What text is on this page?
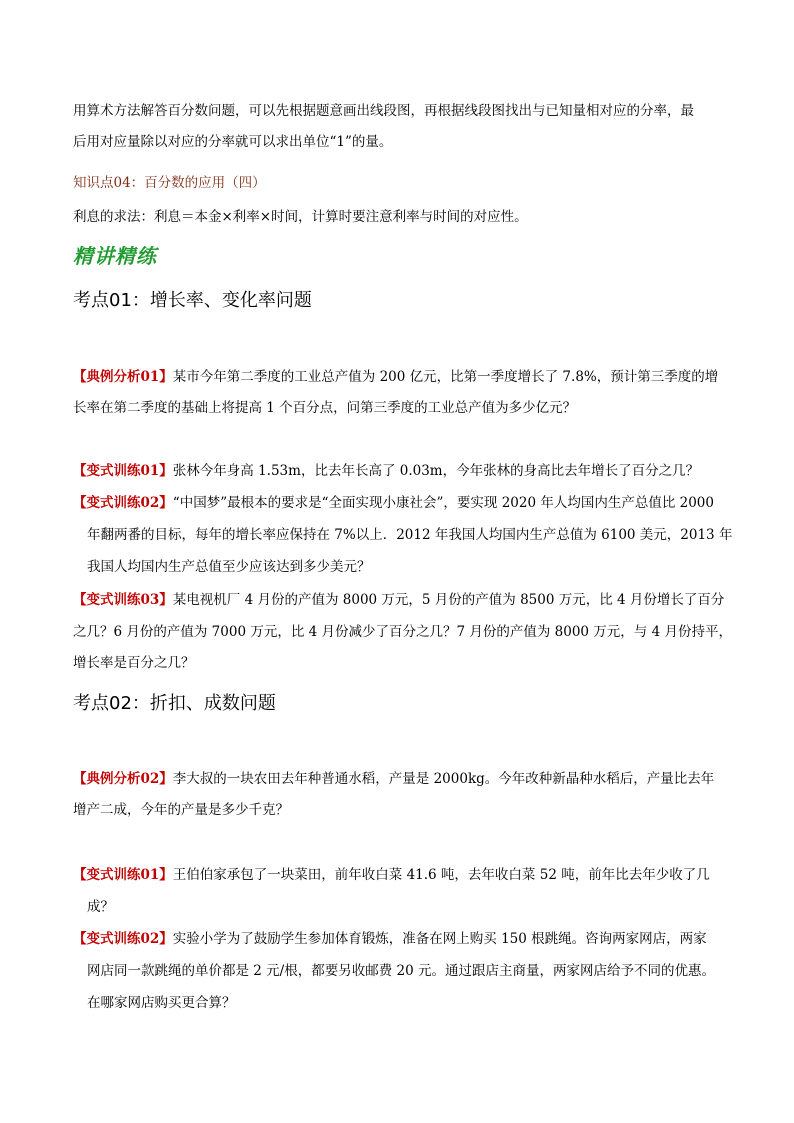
用算术方法解答百分数问题，可以先根据题意画出线段图，再根据线段图找出与已知量相对应的分率，最
后用对应量除以对应的分率就可以求出单位“1”的量。
知识点04：百分数的应用（四）
利息的求法：利息＝本金×利率×时间，计算时要注意利率与时间的对应性。
精讲精练
考点01：增长率、变化率问题
【典例分析01】某市今年第二季度的工业总产值为 200 亿元，比第一季度增长了 7.8%，预计第三季度的增
长率在第二季度的基础上将提高 1 个百分点，问第三季度的工业总产值为多少亿元？
【变式训练01】张林今年身高 1.53m，比去年长高了 0.03m，今年张林的身高比去年增长了百分之几？
【变式训练02】“中国梦”最根本的要求是“全面实现小康社会”，要实现 2020 年人均国内生产总值比 2000
年翻两番的目标，每年的增长率应保持在 7%以上．2012 年我国人均国内生产总值为 6100 美元，2013 年
我国人均国内生产总值至少应该达到多少美元？
【变式训练03】某电视机厂 4 月份的产值为 8000 万元，5 月份的产值为 8500 万元，比 4 月份增长了百分
之几？6 月份的产值为 7000 万元，比 4 月份减少了百分之几？7 月份的产值为 8000 万元，与 4 月份持平，
增长率是百分之几？
考点02：折扣、成数问题
【典例分析02】李大叔的一块农田去年种普通水稻，产量是 2000kg。今年改种新晶种水稻后，产量比去年
增产二成，今年的产量是多少千克？
【变式训练01】王伯伯家承包了一块菜田，前年收白菜 41.6 吨，去年收白菜 52 吨，前年比去年少收了几
成？
【变式训练02】实验小学为了鼓励学生参加体育锻炼，准备在网上购买 150 根跳绳。咨询两家网店，两家
网店同一款跳绳的单价都是 2 元/根，都要另收邮费 20 元。通过跟店主商量，两家网店给予不同的优惠。
在哪家网店购买更合算？
